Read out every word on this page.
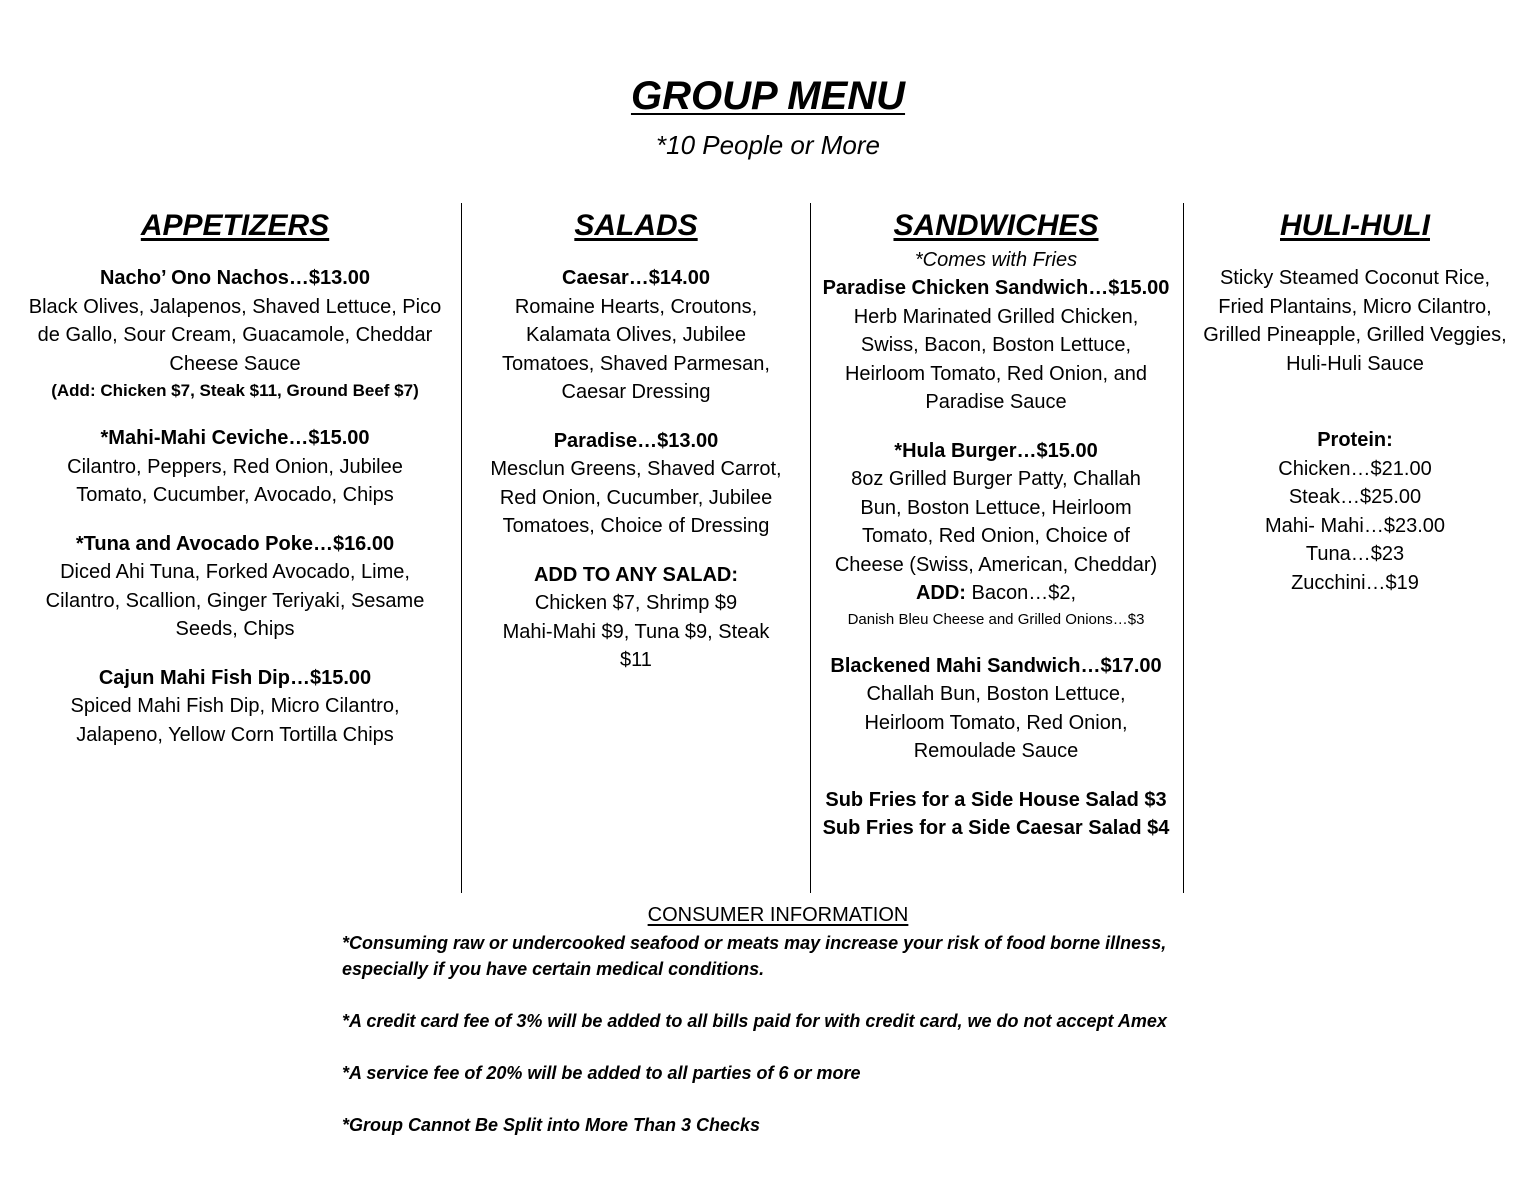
GROUP MENU
*10 People or More
APPETIZERS
Nacho’ Ono Nachos…$13.00
Black Olives, Jalapenos, Shaved Lettuce, Pico
de Gallo, Sour Cream, Guacamole, Cheddar
Cheese Sauce
(Add: Chicken $7, Steak $11, Ground Beef $7)
*Mahi-Mahi Ceviche…$15.00
Cilantro, Peppers, Red Onion, Jubilee
Tomato, Cucumber, Avocado, Chips
*Tuna and Avocado Poke…$16.00
Diced Ahi Tuna, Forked Avocado, Lime,
Cilantro, Scallion, Ginger Teriyaki, Sesame
Seeds, Chips
Cajun Mahi Fish Dip…$15.00
Spiced Mahi Fish Dip, Micro Cilantro,
Jalapeno, Yellow Corn Tortilla Chips
SALADS
Caesar…$14.00
Romaine Hearts, Croutons,
Kalamata Olives, Jubilee
Tomatoes, Shaved Parmesan,
Caesar Dressing
Paradise…$13.00
Mesclun Greens, Shaved Carrot,
Red Onion, Cucumber, Jubilee
Tomatoes, Choice of Dressing
ADD TO ANY SALAD:
Chicken $7, Shrimp $9
Mahi-Mahi $9, Tuna $9, Steak
$11
SANDWICHES
*Comes with Fries
Paradise Chicken Sandwich…$15.00
Herb Marinated Grilled Chicken,
Swiss, Bacon, Boston Lettuce,
Heirloom Tomato, Red Onion, and
Paradise Sauce
*Hula Burger…$15.00
8oz Grilled Burger Patty, Challah
Bun, Boston Lettuce, Heirloom
Tomato, Red Onion, Choice of
Cheese (Swiss, American, Cheddar)
ADD: Bacon…$2,
Danish Bleu Cheese and Grilled Onions…$3
Blackened Mahi Sandwich…$17.00
Challah Bun, Boston Lettuce,
Heirloom Tomato, Red Onion,
Remoulade Sauce
Sub Fries for a Side House Salad $3
Sub Fries for a Side Caesar Salad $4
HULI-HULI
Sticky Steamed Coconut Rice,
Fried Plantains, Micro Cilantro,
Grilled Pineapple, Grilled Veggies,
Huli-Huli Sauce
Protein:
Chicken…$21.00
Steak…$25.00
Mahi- Mahi…$23.00
Tuna…$23
Zucchini…$19
CONSUMER INFORMATION
*Consuming raw or undercooked seafood or meats may increase your risk of food borne illness,
especially if you have certain medical conditions.
*A credit card fee of 3% will be added to all bills paid for with credit card, we do not accept Amex
*A service fee of 20% will be added to all parties of 6 or more
*Group Cannot Be Split into More Than 3 Checks
